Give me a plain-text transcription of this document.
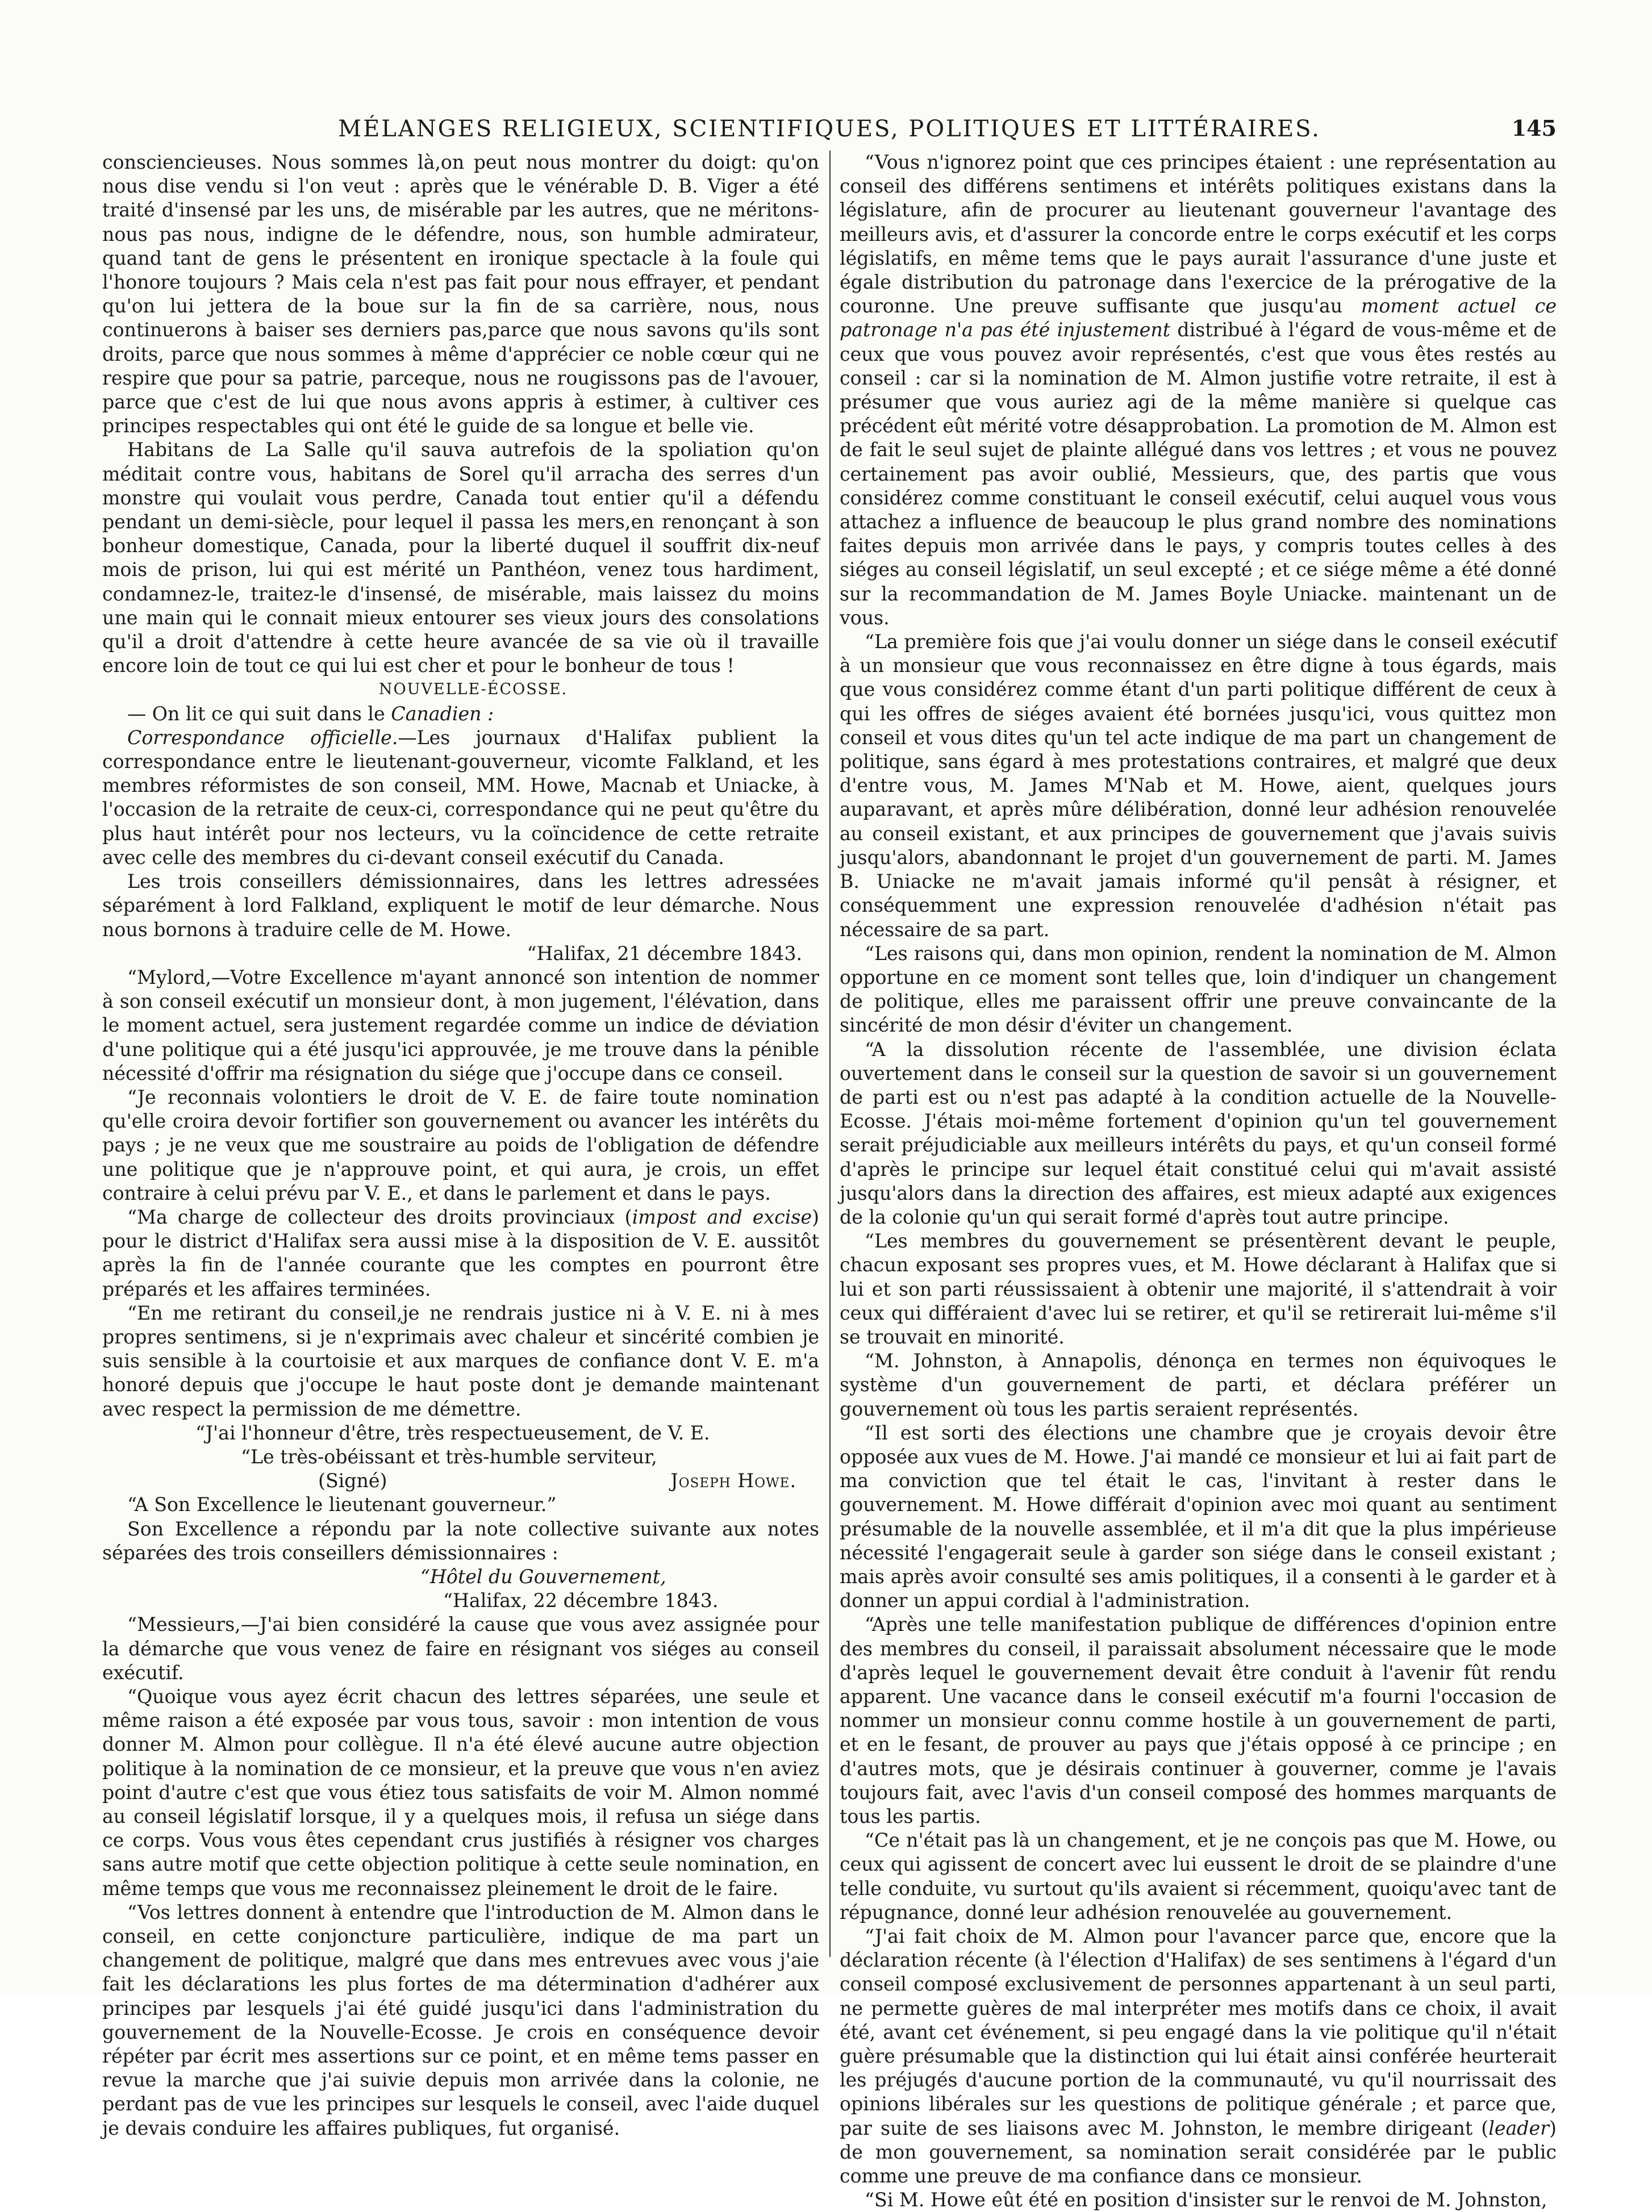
MÉLANGES RELIGIEUX, SCIENTIFIQUES, POLITIQUES ET LITTÉRAIRES.	145

consciencieuses. Nous sommes là,on peut nous montrer du doigt: qu'on nous dise vendu si l'on veut : après que le vénérable D. B. Viger a été traité d'insensé par les uns, de misérable par les autres, que ne méritons-nous pas nous, indigne de le défendre, nous, son humble admirateur, quand tant de gens le présentent en ironique spectacle à la foule qui l'honore toujours ? Mais cela n'est pas fait pour nous effrayer, et pendant qu'on lui jettera de la boue sur la fin de sa carrière, nous, nous continuerons à baiser ses derniers pas,parce que nous savons qu'ils sont droits, parce que nous sommes à même d'apprécier ce noble cœur qui ne respire que pour sa patrie, parceque, nous ne rougissons pas de l'avouer, parce que c'est de lui que nous avons appris à estimer, à cultiver ces principes respectables qui ont été le guide de sa longue et belle vie.

Habitans de La Salle qu'il sauva autrefois de la spoliation qu'on méditait contre vous, habitans de Sorel qu'il arracha des serres d'un monstre qui voulait vous perdre, Canada tout entier qu'il a défendu pendant un demi-siècle, pour lequel il passa les mers,en renonçant à son bonheur domestique, Canada, pour la liberté duquel il souffrit dix-neuf mois de prison, lui qui est mérité un Panthéon, venez tous hardiment, condamnez-le, traitez-le d'insensé, de misérable, mais laissez du moins une main qui le connait mieux entourer ses vieux jours des consolations qu'il a droit d'attendre à cette heure avancée de sa vie où il travaille encore loin de tout ce qui lui est cher et pour le bonheur de tous !

NOUVELLE-ÉCOSSE.

— On lit ce qui suit dans le Canadien :

Correspondance officielle.—Les journaux d'Halifax publient la correspondance entre le lieutenant-gouverneur, vicomte Falkland, et les membres réformistes de son conseil, MM. Howe, Macnab et Uniacke, à l'occasion de la retraite de ceux-ci, correspondance qui ne peut qu'être du plus haut intérêt pour nos lecteurs, vu la coïncidence de cette retraite avec celle des membres du ci-devant conseil exécutif du Canada.

Les trois conseillers démissionnaires, dans les lettres adressées séparément à lord Falkland, expliquent le motif de leur démarche. Nous nous bornons à traduire celle de M. Howe.

“Halifax, 21 décembre 1843.

“Mylord,—Votre Excellence m'ayant annoncé son intention de nommer à son conseil exécutif un monsieur dont, à mon jugement, l'élévation, dans le moment actuel, sera justement regardée comme un indice de déviation d'une politique qui a été jusqu'ici approuvée, je me trouve dans la pénible nécessité d'offrir ma résignation du siége que j'occupe dans ce conseil.

“Je reconnais volontiers le droit de V. E. de faire toute nomination qu'elle croira devoir fortifier son gouvernement ou avancer les intérêts du pays ; je ne veux que me soustraire au poids de l'obligation de défendre une politique que je n'approuve point, et qui aura, je crois, un effet contraire à celui prévu par V. E., et dans le parlement et dans le pays.

“Ma charge de collecteur des droits provinciaux (impost and excise) pour le district d'Halifax sera aussi mise à la disposition de V. E. aussitôt après la fin de l'année courante que les comptes en pourront être préparés et les affaires terminées.

“En me retirant du conseil,je ne rendrais justice ni à V. E. ni à mes propres sentimens, si je n'exprimais avec chaleur et sincérité combien je suis sensible à la courtoisie et aux marques de confiance dont V. E. m'a honoré depuis que j'occupe le haut poste dont je demande maintenant avec respect la permission de me démettre.

“J'ai l'honneur d'être, très respectueusement, de V. E.

“Le très-obéissant et très-humble serviteur,

(Signé)	Joseph Howe.

“A Son Excellence le lieutenant gouverneur.”

Son Excellence a répondu par la note collective suivante aux notes séparées des trois conseillers démissionnaires :

“Hôtel du Gouvernement,

“Halifax, 22 décembre 1843.

“Messieurs,—J'ai bien considéré la cause que vous avez assignée pour la démarche que vous venez de faire en résignant vos siéges au conseil exécutif.

“Quoique vous ayez écrit chacun des lettres séparées, une seule et même raison a été exposée par vous tous, savoir : mon intention de vous donner M. Almon pour collègue. Il n'a été élevé aucune autre objection politique à la nomination de ce monsieur, et la preuve que vous n'en aviez point d'autre c'est que vous étiez tous satisfaits de voir M. Almon nommé au conseil législatif lorsque, il y a quelques mois, il refusa un siége dans ce corps. Vous vous êtes cependant crus justifiés à résigner vos charges sans autre motif que cette objection politique à cette seule nomination, en même temps que vous me reconnaissez pleinement le droit de le faire.

“Vos lettres donnent à entendre que l'introduction de M. Almon dans le conseil, en cette conjoncture particulière, indique de ma part un changement de politique, malgré que dans mes entrevues avec vous j'aie fait les déclarations les plus fortes de ma détermination d'adhérer aux principes par lesquels j'ai été guidé jusqu'ici dans l'administration du gouvernement de la Nouvelle-Ecosse. Je crois en conséquence devoir répéter par écrit mes assertions sur ce point, et en même tems passer en revue la marche que j'ai suivie depuis mon arrivée dans la colonie, ne perdant pas de vue les principes sur lesquels le conseil, avec l'aide duquel je devais conduire les affaires publiques, fut organisé.

“Vous n'ignorez point que ces principes étaient : une représentation au conseil des différens sentimens et intérêts politiques existans dans la législature, afin de procurer au lieutenant gouverneur l'avantage des meilleurs avis, et d'assurer la concorde entre le corps exécutif et les corps législatifs, en même tems que le pays aurait l'assurance d'une juste et égale distribution du patronage dans l'exercice de la prérogative de la couronne. Une preuve suffisante que jusqu'au moment actuel ce patronage n'a pas été injustement distribué à l'égard de vous-même et de ceux que vous pouvez avoir représentés, c'est que vous êtes restés au conseil : car si la nomination de M. Almon justifie votre retraite, il est à présumer que vous auriez agi de la même manière si quelque cas précédent eût mérité votre désapprobation. La promotion de M. Almon est de fait le seul sujet de plainte allégué dans vos lettres ; et vous ne pouvez certainement pas avoir oublié, Messieurs, que, des partis que vous considérez comme constituant le conseil exécutif, celui auquel vous vous attachez a influence de beaucoup le plus grand nombre des nominations faites depuis mon arrivée dans le pays, y compris toutes celles à des siéges au conseil législatif, un seul excepté ; et ce siége même a été donné sur la recommandation de M. James Boyle Uniacke. maintenant un de vous.

“La première fois que j'ai voulu donner un siége dans le conseil exécutif à un monsieur que vous reconnaissez en être digne à tous égards, mais que vous considérez comme étant d'un parti politique différent de ceux à qui les offres de siéges avaient été bornées jusqu'ici, vous quittez mon conseil et vous dites qu'un tel acte indique de ma part un changement de politique, sans égard à mes protestations contraires, et malgré que deux d'entre vous, M. James M'Nab et M. Howe, aient, quelques jours auparavant, et après mûre délibération, donné leur adhésion renouvelée au conseil existant, et aux principes de gouvernement que j'avais suivis jusqu'alors, abandonnant le projet d'un gouvernement de parti. M. James B. Uniacke ne m'avait jamais informé qu'il pensât à résigner, et conséquemment une expression renouvelée d'adhésion n'était pas nécessaire de sa part.

“Les raisons qui, dans mon opinion, rendent la nomination de M. Almon opportune en ce moment sont telles que, loin d'indiquer un changement de politique, elles me paraissent offrir une preuve convaincante de la sincérité de mon désir d'éviter un changement.

“A la dissolution récente de l'assemblée, une division éclata ouvertement dans le conseil sur la question de savoir si un gouvernement de parti est ou n'est pas adapté à la condition actuelle de la Nouvelle-Ecosse. J'étais moi-même fortement d'opinion qu'un tel gouvernement serait préjudiciable aux meilleurs intérêts du pays, et qu'un conseil formé d'après le principe sur lequel était constitué celui qui m'avait assisté jusqu'alors dans la direction des affaires, est mieux adapté aux exigences de la colonie qu'un qui serait formé d'après tout autre principe.

“Les membres du gouvernement se présentèrent devant le peuple, chacun exposant ses propres vues, et M. Howe déclarant à Halifax que si lui et son parti réussissaient à obtenir une majorité, il s'attendrait à voir ceux qui différaient d'avec lui se retirer, et qu'il se retirerait lui-même s'il se trouvait en minorité.

“M. Johnston, à Annapolis, dénonça en termes non équivoques le système d'un gouvernement de parti, et déclara préférer un gouvernement où tous les partis seraient représentés.

“Il est sorti des élections une chambre que je croyais devoir être opposée aux vues de M. Howe. J'ai mandé ce monsieur et lui ai fait part de ma conviction que tel était le cas, l'invitant à rester dans le gouvernement. M. Howe différait d'opinion avec moi quant au sentiment présumable de la nouvelle assemblée, et il m'a dit que la plus impérieuse nécessité l'engagerait seule à garder son siége dans le conseil existant ; mais après avoir consulté ses amis politiques, il a consenti à le garder et à donner un appui cordial à l'administration.

“Après une telle manifestation publique de différences d'opinion entre des membres du conseil, il paraissait absolument nécessaire que le mode d'après lequel le gouvernement devait être conduit à l'avenir fût rendu apparent. Une vacance dans le conseil exécutif m'a fourni l'occasion de nommer un monsieur connu comme hostile à un gouvernement de parti, et en le fesant, de prouver au pays que j'étais opposé à ce principe ; en d'autres mots, que je désirais continuer à gouverner, comme je l'avais toujours fait, avec l'avis d'un conseil composé des hommes marquants de tous les partis.

“Ce n'était pas là un changement, et je ne conçois pas que M. Howe, ou ceux qui agissent de concert avec lui eussent le droit de se plaindre d'une telle conduite, vu surtout qu'ils avaient si récemment, quoiqu'avec tant de répugnance, donné leur adhésion renouvelée au gouvernement.

“J'ai fait choix de M. Almon pour l'avancer parce que, encore que la déclaration récente (à l'élection d'Halifax) de ses sentimens à l'égard d'un conseil composé exclusivement de personnes appartenant à un seul parti, ne permette guères de mal interpréter mes motifs dans ce choix, il avait été, avant cet événement, si peu engagé dans la vie politique qu'il n'était guère présumable que la distinction qui lui était ainsi conférée heurterait les préjugés d'aucune portion de la communauté, vu qu'il nourrissait des opinions libérales sur les questions de politique générale ; et parce que, par suite de ses liaisons avec M. Johnston, le membre dirigeant (leader) de mon gouvernement, sa nomination serait considérée par le public comme une preuve de ma confiance dans ce monsieur.

“Si M. Howe eût été en position d'insister sur le renvoi de M. Johnston,
